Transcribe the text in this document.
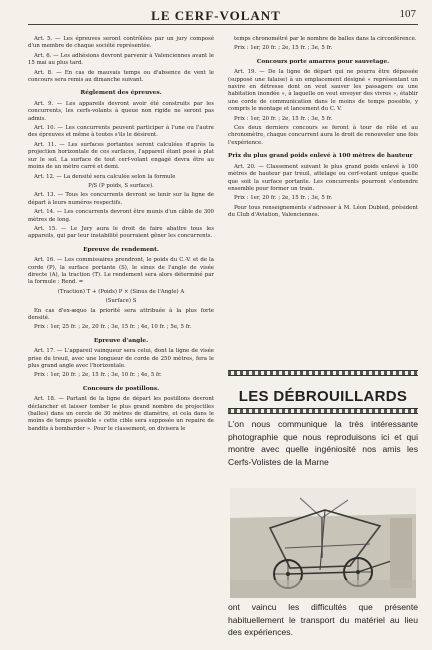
LE CERF-VOLANT	107

Art. 5. — Les épreuves seront contrôlées par un jury composé d'un membre de chaque société représentée.

Art. 6. — Les adhésions devront parvenir à Valenciennes avant le 15 mai au plus tard.

Art. 8. — En cas de mauvais temps ou d'absence de vent le concours sera remis au dimanche suivant.

Réglement des épreuves.

Art. 9. — Les appareils devront avoir été construits par les concurrents, les cerfs-volants à queue non rigide ne seront pas admis.

Art. 10. — Les concurrents peuvent participer à l'une ou l'autre des épreuves et même à toutes s'ils le désirent.

Art. 11. — Les surfaces portantes seront calculées d'après la projection horizontale de ces surfaces, l'appareil étant posé à plat sur le sol. La surface de tout cerf-volant engagé devra être au moins de un mètre carré et demi.

Art. 12. — La densité sera calculée selon la formule

P/S (P poids, S surface).

Art. 13. — Tous les concurrents devront se tenir sur la ligne de départ à leurs numéros respectifs.

Art. 14. — Les concurrents devront être munis d'un câble de 300 mètres de long.

Art. 15. — Le Jury aura le droit de faire abattre tous les appareils, qui par leur instabilité pourraient gêner les concurrents.

Epreuve de rendement.

Art. 16. — Les commissaires prendront, le poids du C.-V. et de la corde (P), la surface portante (S), le sinus de l'angle de visée directe (A), la traction (T). Le rendement sera alors déterminé par la formule : Rend. =

(Traction) T + (Poids) P × (Sinus de l'Angle) A

(Surface) S

En cas d'ex-æquo la priorité sera attribuée à la plus forte densité.

Prix : 1er, 25 fr. ; 2e, 20 fr. ; 3e, 15 fr. ; 4e, 10 fr. ; 5e, 5 fr.

Epreuve d'angle.

Art. 17. — L'appareil vainqueur sera celui, dont la ligne de visée prise du treuil, avec une longueur de corde de 250 mètres, fera le plus grand angle avec l'horizontale.

Prix : 1er, 20 fr. ; 2e, 15 fr. ; 3e, 10 fr. ; 4e, 5 fr.

Concours de postillons.

Art. 18. — Partant de la ligne de départ les postillons devront déclancher et laisser tomber le plus grand nombre de projectiles (balles) dans un cercle de 30 mètres de diamètre, et cela dans le moins de temps possible « cette cible sera supposée un repaire de bandits à bombarder ». Pour le classement, on divisera le

temps chronométré par le nombre de balles dans la circonférence.

Prix : 1er, 20 fr. ; 2e, 15 fr. ; 3e, 5 fr.

Concours porte amarres pour sauvetage.

Art. 19. — De la ligne de départ qui ne pourra être dépassée (supposé une falaise) à un emplacement désigné « représentant un navire en détresse dont on veut sauver les passagers ou une habitation inondée », à laquelle on veut envoyer des vivres », établir une corde de communication dans le moins de temps possible, y compris le montage et lancement du C. V.

Prix : 1er, 20 fr. ; 2e, 15 fr. ; 3e, 5 fr.

Ces deux derniers concours se feront à tour de rôle et au chronomètre, chaque concurrent aura le droit de renouveler une fois l'expérience.

Prix du plus grand poids enlevé à 100 mètres de hauteur

Art. 20. — Classement suivant le plus grand poids enlevé à 100 mètres de hauteur par treuil, attelage ou cerf-volant unique quelle que soit la surface portante. Les concurrents pourront s'entendre ensemble pour former un train.

Prix : 1er, 20 fr. ; 2e, 15 fr. ; 3e, 5 fr.

Pour tous renseignements s'adresser à M. Léon Dubled, président du Club d'Aviation, Valenciennes.

LES DÉBROUILLARDS
L'on nous communique la très intéressante photographie que nous reproduisons ici et qui montre avec quelle ingéniosité nos amis les Cerfs-Volistes de la Marne
ont vaincu les difficultés que présente habituellement le transport du matériel au lieu des expériences.
